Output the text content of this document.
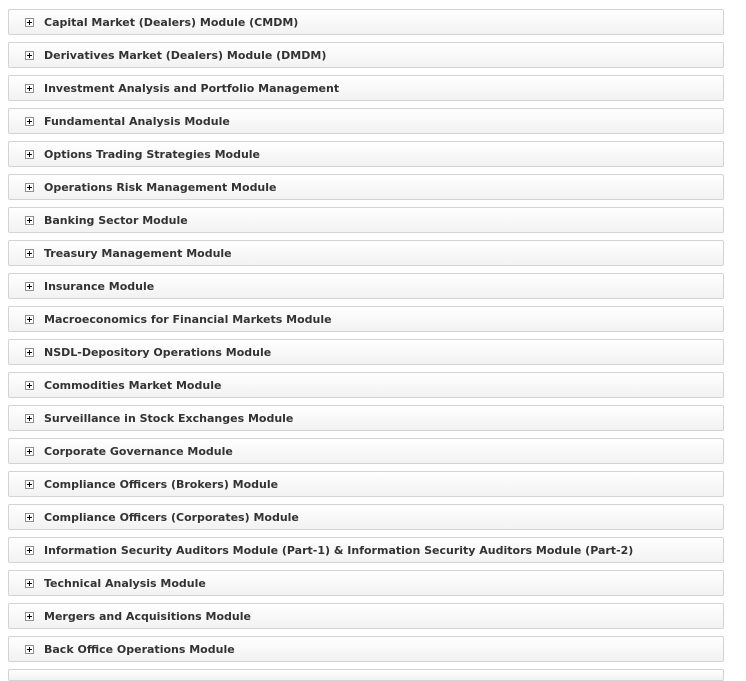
Capital Market (Dealers) Module (CMDM)
Derivatives Market (Dealers) Module (DMDM)
Investment Analysis and Portfolio Management
Fundamental Analysis Module
Options Trading Strategies Module
Operations Risk Management Module
Banking Sector Module
Treasury Management Module
Insurance Module
Macroeconomics for Financial Markets Module
NSDL-Depository Operations Module
Commodities Market Module
Surveillance in Stock Exchanges Module
Corporate Governance Module
Compliance Officers (Brokers) Module
Compliance Officers (Corporates) Module
Information Security Auditors Module (Part-1) & Information Security Auditors Module (Part-2)
Technical Analysis Module
Mergers and Acquisitions Module
Back Office Operations Module
